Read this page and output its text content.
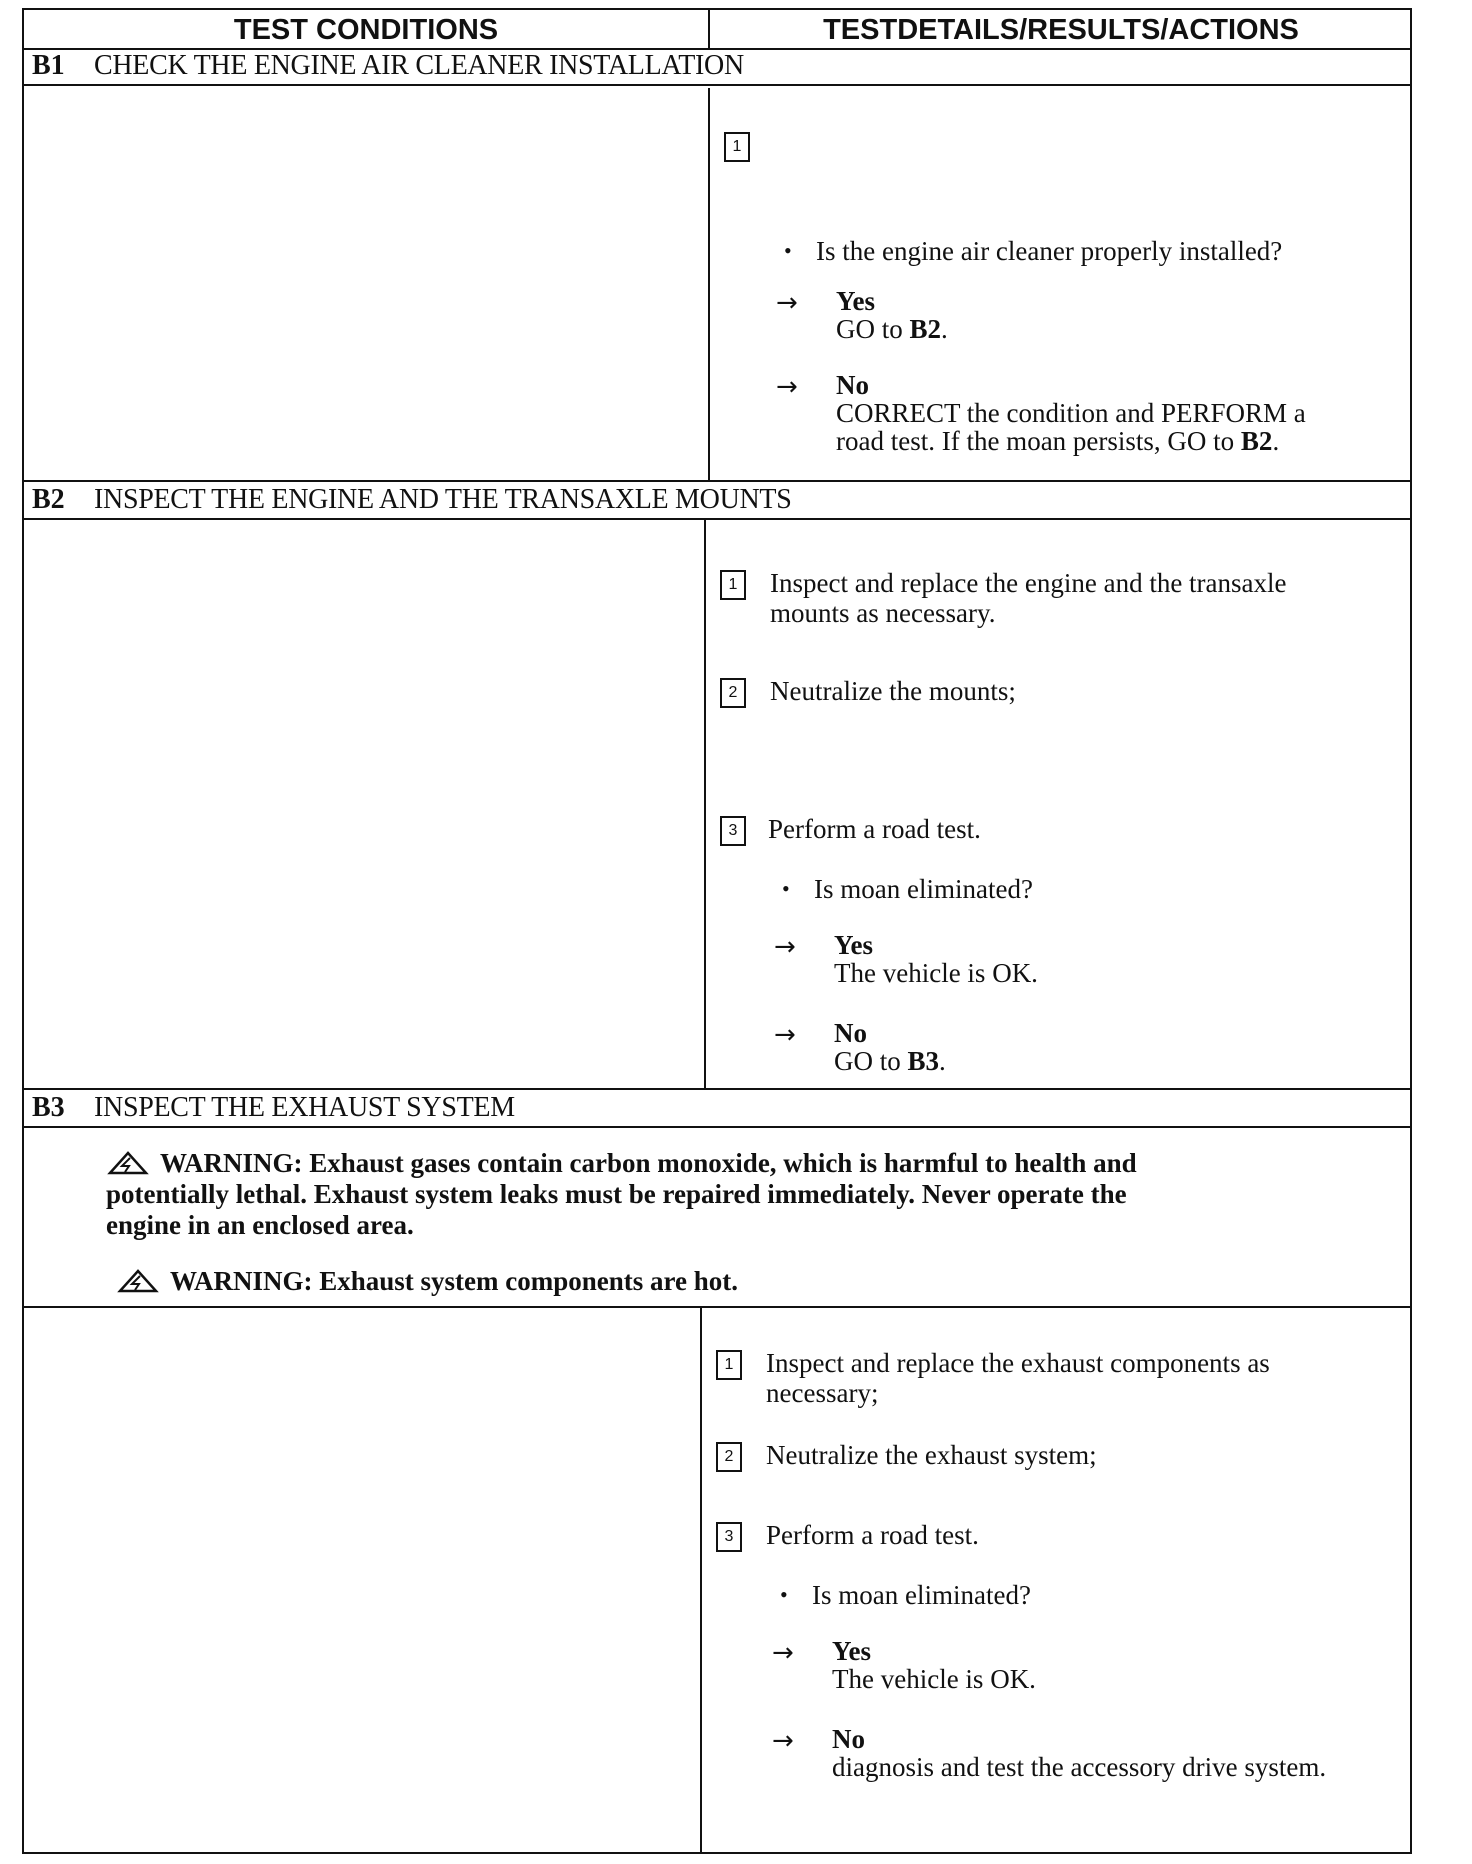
TEST CONDITIONS	TESTDETAILS/RESULTS/ACTIONS
B1 CHECK THE ENGINE AIR CLEANER INSTALLATION
1
• Is the engine air cleaner properly installed?
→ Yes
GO to B2.
→ No
CORRECT the condition and PERFORM a
road test. If the moan persists, GO to B2.
B2 INSPECT THE ENGINE AND THE TRANSAXLE MOUNTS
1	Inspect and replace the engine and the transaxle
mounts as necessary.
2	Neutralize the mounts;
3	Perform a road test.
• Is moan eliminated?
→ Yes
The vehicle is OK.
→ No
GO to B3.
B3 INSPECT THE EXHAUST SYSTEM
WARNING: Exhaust gases contain carbon monoxide, which is harmful to health and
potentially lethal. Exhaust system leaks must be repaired immediately. Never operate the
engine in an enclosed area.
WARNING: Exhaust system components are hot.
1	Inspect and replace the exhaust components as
necessary;
2	Neutralize the exhaust system;
3	Perform a road test.
• Is moan eliminated?
→ Yes
The vehicle is OK.
→ No
diagnosis and test the accessory drive system.
